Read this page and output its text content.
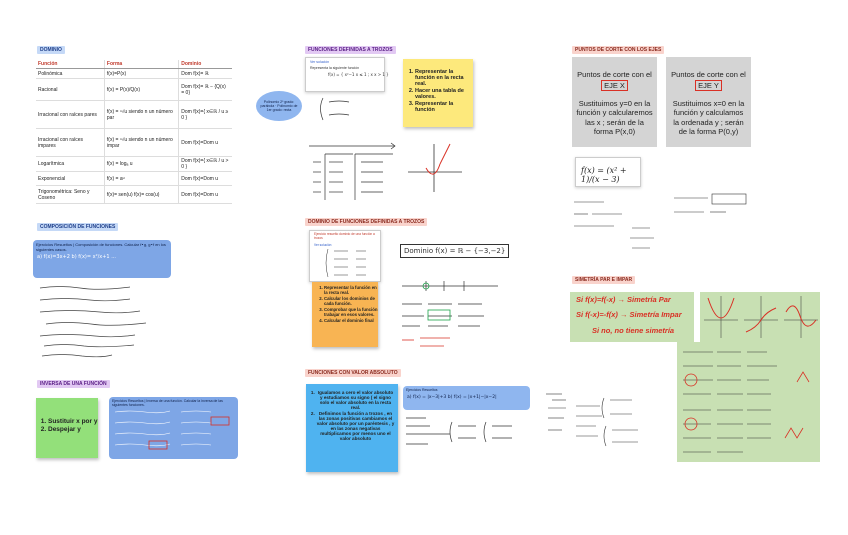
DOMINIO
Función	Forma	Dominio
Polinómica	f(x)=P(x)	Dom f(x)= ℝ
Racional	f(x) = P(x)/Q(x)	Dom f(x)= ℝ − {Q(x) = 0}
Irracional con raíces pares	f(x) = ⁿ√u siendo n un número par	Dom f(x)={ x∈ℝ / u ≥ 0 }
Irracional con raíces impares	f(x) = ⁿ√u siendo n un número impar	Dom f(x)=Dom u
Logarítmica	f(x) = logₐ u	Dom f(x)={ x∈ℝ / u > 0 }
Exponencial	f(x) = aᵘ	Dom f(x)=Dom u
Trigonométrica: Seno y Coseno	f(x)= sen(u) f(x)= cos(u)	Dom f(x)=Dom u
COMPOSICIÓN DE FUNCIONES
Ejercicios Resueltos | Composición de funciones. Calcular f∘g, g∘f en los siguientes casos.
a) f(x)=3x+2 b) f(x)= x²/x+1 ...
INVERSA DE UNA FUNCIÓN
1. Sustituir x por y
2. Despejar y
Ejercicios Resueltos | Inversa de una función. Calcular la inversa de las siguientes funciones.
FUNCIONES DEFINIDAS A TROZOS
Polinomio 2º grado: parábola · Polinomio de 1er grado: recta
Ver solución
Representa la siguiente función
f(x) = { x²−1 x ≤ 1 ; x x > 1 }	1. Representar la función en la recta real.
2. Hacer una tabla de valores.
3. Representar la función
DOMINIO DE FUNCIONES DEFINIDAS A TROZOS
Ejercicio resuelto dominio de una función a trozos
Ver solución
1. Representar la función en la recta real.
2. Calcular los dominios de cada función.
3. Comprobar que la función trabajar en esos valores.
4. Calcular el dominio final
Dominio f(x) = ℝ − {−3,−2}
FUNCIONES CON VALOR ABSOLUTO
1. Igualamos a cero el valor absoluto y estudiamos su signo ( el signo solo el valor absoluto en la recta real.
2. Definimos la función a trozos , en las zonas positivas cambiamos el valor absoluto por un paréntesis , y en las zonas negativas multiplicamos por menos uno el valor absoluto
Ejercicios Resueltos
a) f(x) = |x−3|+3 b) f(x) = |x+1|−|x−2|
PUNTOS DE CORTE CON LOS EJES
Puntos de corte con el
EJE X
Sustituimos y=0 en la función y calcularemos las x ; serán de la forma P(x,0)
Puntos de corte con el
EJE Y
Sustituimos x=0 en la función y calculamos la ordenada y ; serán de la forma P(0,y)
f(x) = (x² + 1)/(x − 3)
SIMETRÍA PAR E IMPAR
Si f(x)=f(-x) → Simetría Par
Si f(-x)=-f(x) → Simetría Impar
Si no, no tiene simetría
